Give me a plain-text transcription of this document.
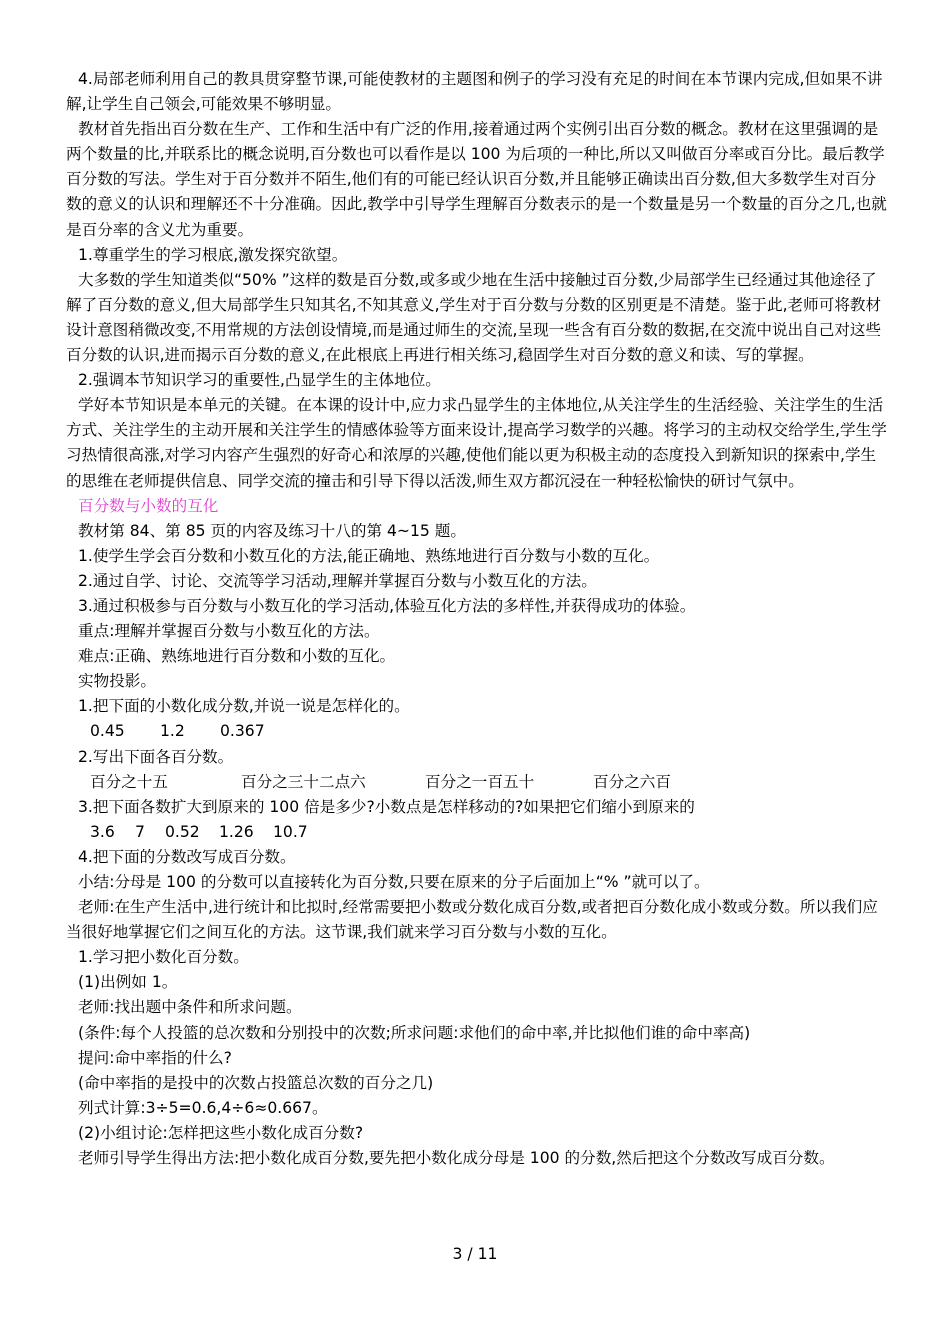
4.局部老师利用自己的教具贯穿整节课,可能使教材的主题图和例子的学习没有充足的时间在本节课内完成,但如果不讲解,让学生自己领会,可能效果不够明显。

教材首先指出百分数在生产、工作和生活中有广泛的作用,接着通过两个实例引出百分数的概念。教材在这里强调的是两个数量的比,并联系比的概念说明,百分数也可以看作是以 100 为后项的一种比,所以又叫做百分率或百分比。最后教学百分数的写法。学生对于百分数并不陌生,他们有的可能已经认识百分数,并且能够正确读出百分数,但大多数学生对百分数的意义的认识和理解还不十分准确。因此,教学中引导学生理解百分数表示的是一个数量是另一个数量的百分之几,也就是百分率的含义尤为重要。

1.尊重学生的学习根底,激发探究欲望。

大多数的学生知道类似“50% ”这样的数是百分数,或多或少地在生活中接触过百分数,少局部学生已经通过其他途径了解了百分数的意义,但大局部学生只知其名,不知其意义,学生对于百分数与分数的区别更是不清楚。鉴于此,老师可将教材设计意图稍微改变,不用常规的方法创设情境,而是通过师生的交流,呈现一些含有百分数的数据,在交流中说出自己对这些百分数的认识,进而揭示百分数的意义,在此根底上再进行相关练习,稳固学生对百分数的意义和读、写的掌握。

2.强调本节知识学习的重要性,凸显学生的主体地位。

学好本节知识是本单元的关键。在本课的设计中,应力求凸显学生的主体地位,从关注学生的生活经验、关注学生的生活方式、关注学生的主动开展和关注学生的情感体验等方面来设计,提高学习数学的兴趣。将学习的主动权交给学生,学生学习热情很高涨,对学习内容产生强烈的好奇心和浓厚的兴趣,使他们能以更为积极主动的态度投入到新知识的探索中,学生的思维在老师提供信息、同学交流的撞击和引导下得以活泼,师生双方都沉浸在一种轻松愉快的研讨气氛中。

百分数与小数的互化

教材第 84、第 85 页的内容及练习十八的第 4~15 题。

1.使学生学会百分数和小数互化的方法,能正确地、熟练地进行百分数与小数的互化。

2.通过自学、讨论、交流等学习活动,理解并掌握百分数与小数互化的方法。

3.通过积极参与百分数与小数互化的学习活动,体验互化方法的多样性,并获得成功的体验。

重点:理解并掌握百分数与小数互化的方法。

难点:正确、熟练地进行百分数和小数的互化。

实物投影。

1.把下面的小数化成分数,并说一说是怎样化的。

0.45 1.2 0.367

2.写出下面各百分数。

百分之十五	百分之三十二点六	百分之一百五十	百分之六百

3.把下面各数扩大到原来的 100 倍是多少?小数点是怎样移动的?如果把它们缩小到原来的

3.6 7 0.52 1.26 10.7

4.把下面的分数改写成百分数。

小结:分母是 100 的分数可以直接转化为百分数,只要在原来的分子后面加上“% ”就可以了。

老师:在生产生活中,进行统计和比拟时,经常需要把小数或分数化成百分数,或者把百分数化成小数或分数。所以我们应当很好地掌握它们之间互化的方法。这节课,我们就来学习百分数与小数的互化。

1.学习把小数化百分数。

(1)出例如 1。

老师:找出题中条件和所求问题。

(条件:每个人投篮的总次数和分别投中的次数;所求问题:求他们的命中率,并比拟他们谁的命中率高)

提问:命中率指的什么?

(命中率指的是投中的次数占投篮总次数的百分之几)

列式计算:3÷5=0.6,4÷6≈0.667。

(2)小组讨论:怎样把这些小数化成百分数?

老师引导学生得出方法:把小数化成百分数,要先把小数化成分母是 100 的分数,然后把这个分数改写成百分数。

3 / 11
